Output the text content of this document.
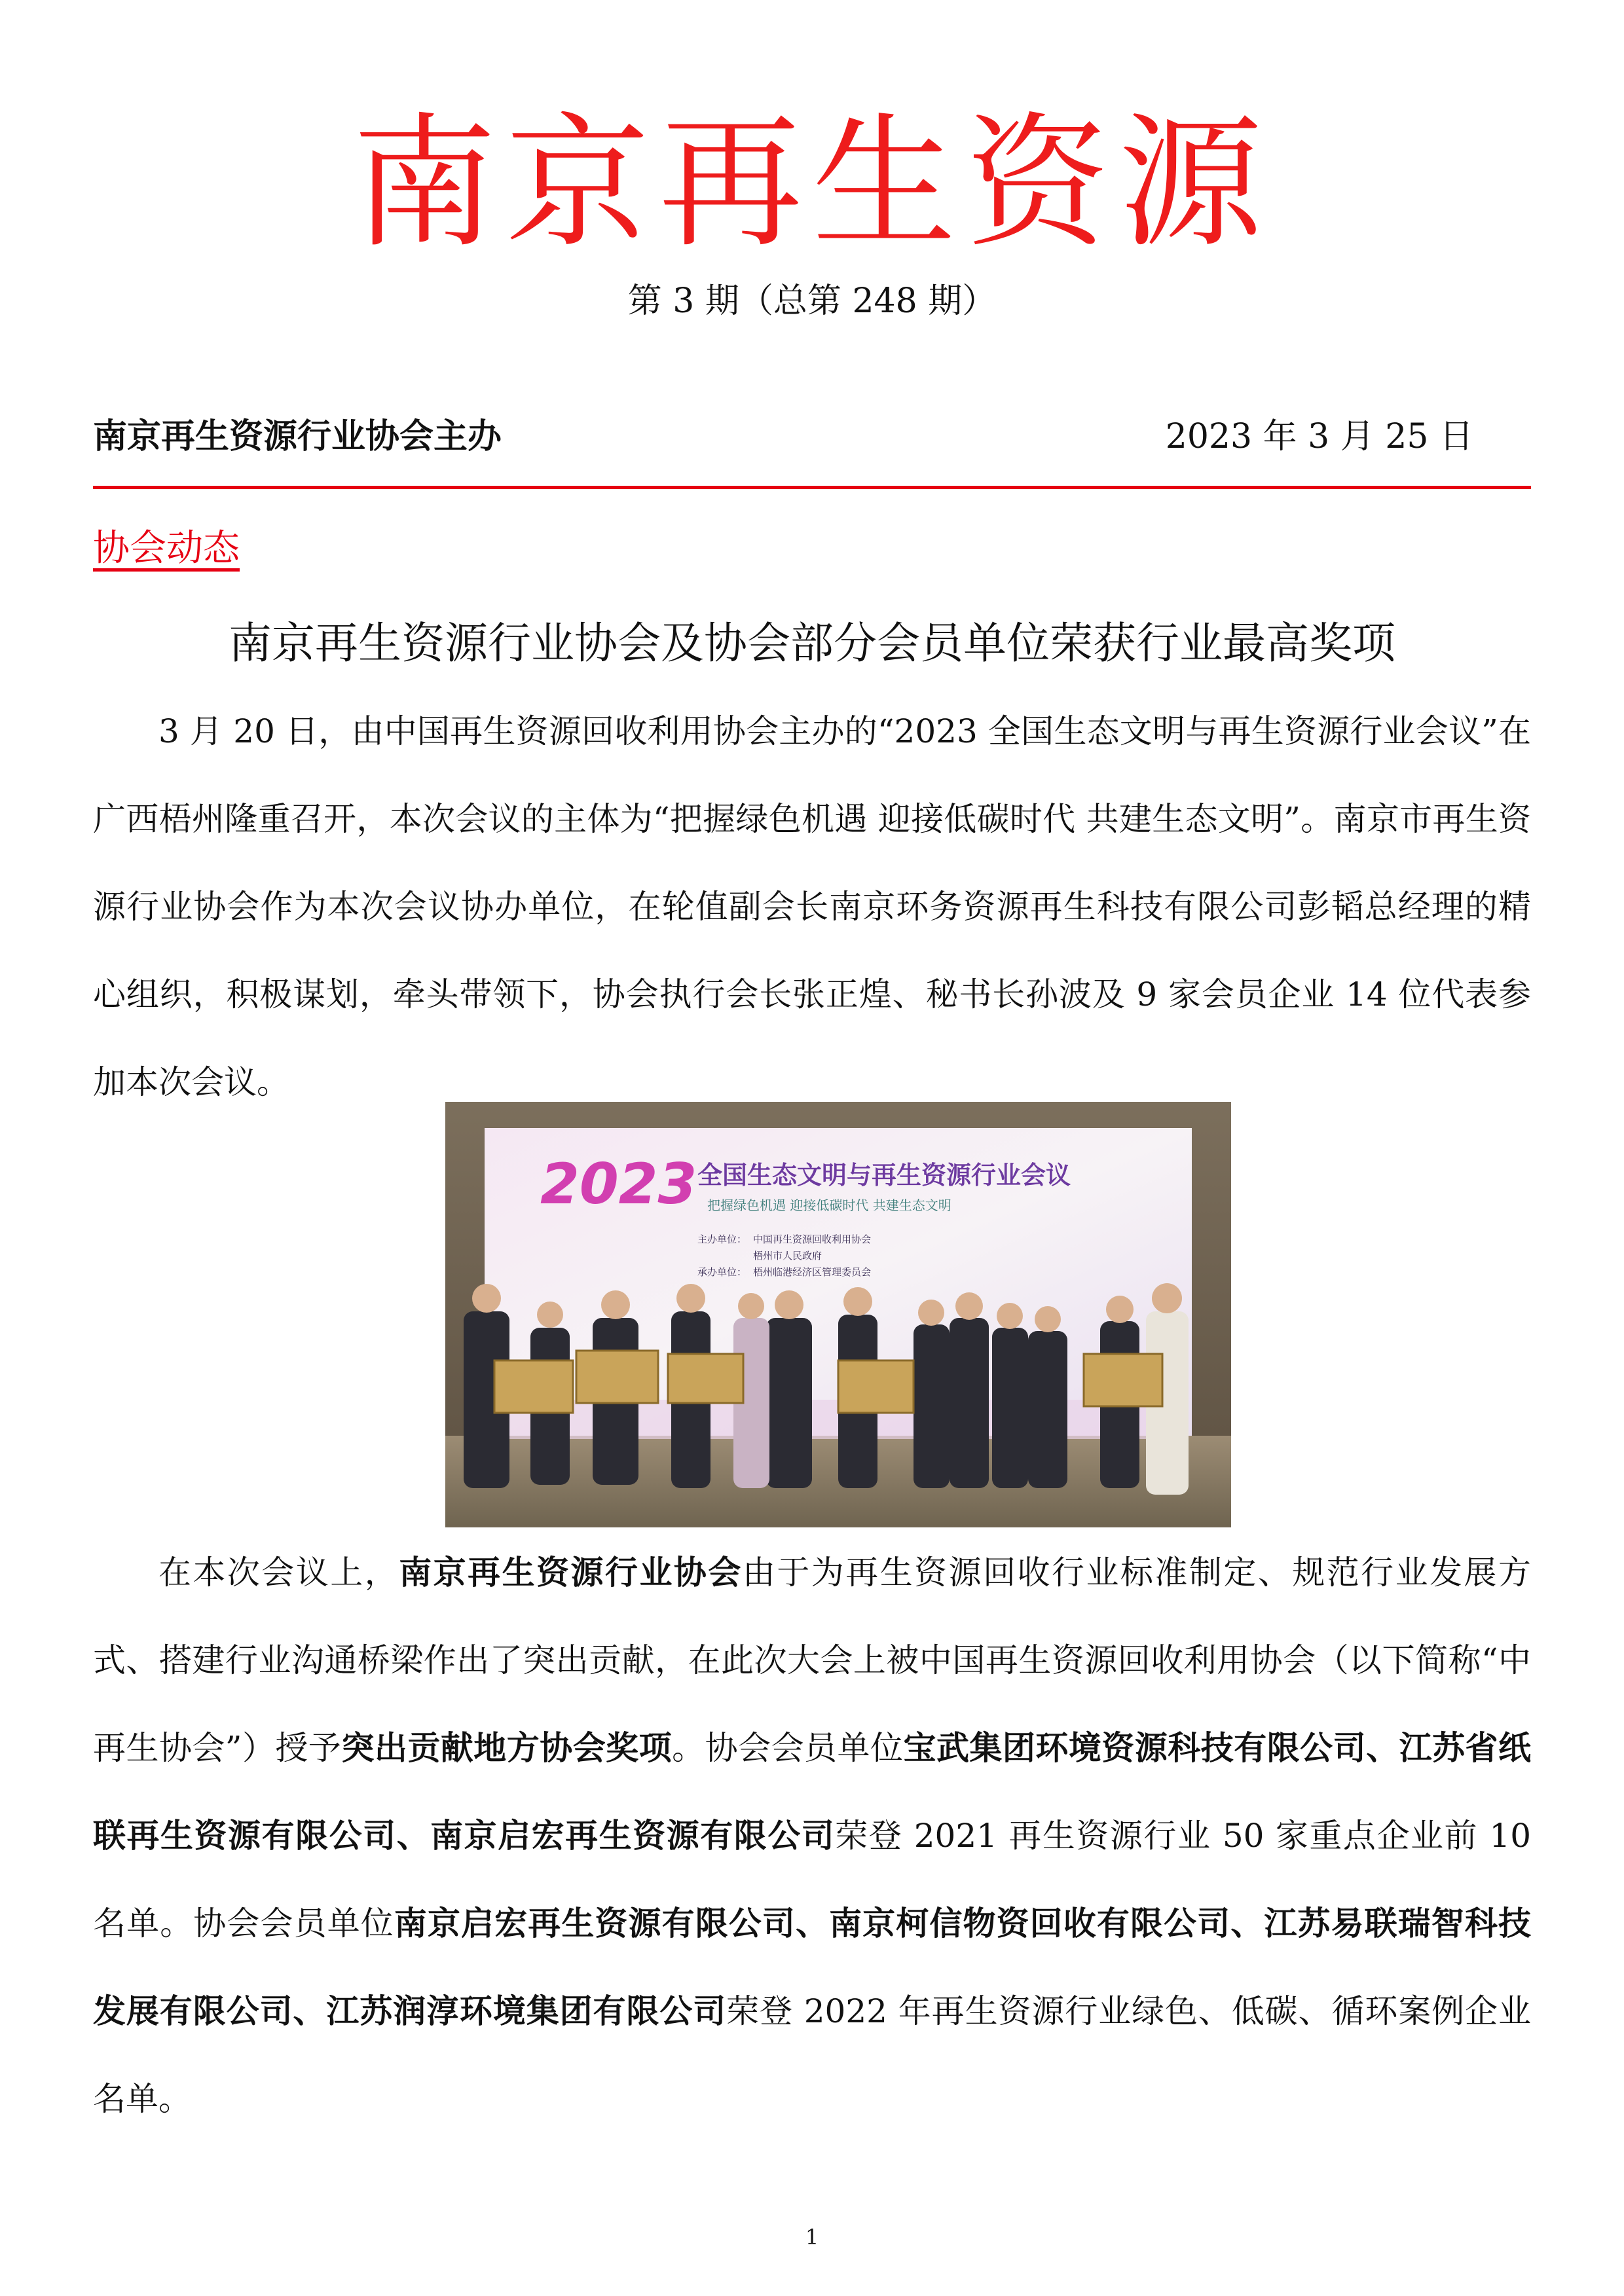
南京再生资源
第 3 期（总第 248 期）
南京再生资源行业协会主办	2023 年 3 月 25 日
协会动态
南京再生资源行业协会及协会部分会员单位荣获行业最高奖项

3 月 20 日，由中国再生资源回收利用协会主办的“2023 全国生态文明与再生资源行业会议”在广西梧州隆重召开，本次会议的主体为“把握绿色机遇 迎接低碳时代 共建生态文明”。南京市再生资源行业协会作为本次会议协办单位，在轮值副会长南京环务资源再生科技有限公司彭韬总经理的精心组织，积极谋划，牵头带领下，协会执行会长张正煌、秘书长孙波及 9 家会员企业 14 位代表参加本次会议。

2023 全国生态文明与再生资源行业会议
把握绿色机遇 迎接低碳时代 共建生态文明
主办单位： 中国再生资源回收利用协会
梧州市人民政府
承办单位： 梧州临港经济区管理委员会

在本次会议上，南京再生资源行业协会由于为再生资源回收行业标准制定、规范行业发展方式、搭建行业沟通桥梁作出了突出贡献，在此次大会上被中国再生资源回收利用协会（以下简称“中再生协会”）授予突出贡献地方协会奖项。协会会员单位宝武集团环境资源科技有限公司、江苏省纸联再生资源有限公司、南京启宏再生资源有限公司荣登 2021 再生资源行业 50 家重点企业前 10 名单。协会会员单位南京启宏再生资源有限公司、南京柯信物资回收有限公司、江苏易联瑞智科技发展有限公司、江苏润淳环境集团有限公司荣登 2022 年再生资源行业绿色、低碳、循环案例企业名单。

1
